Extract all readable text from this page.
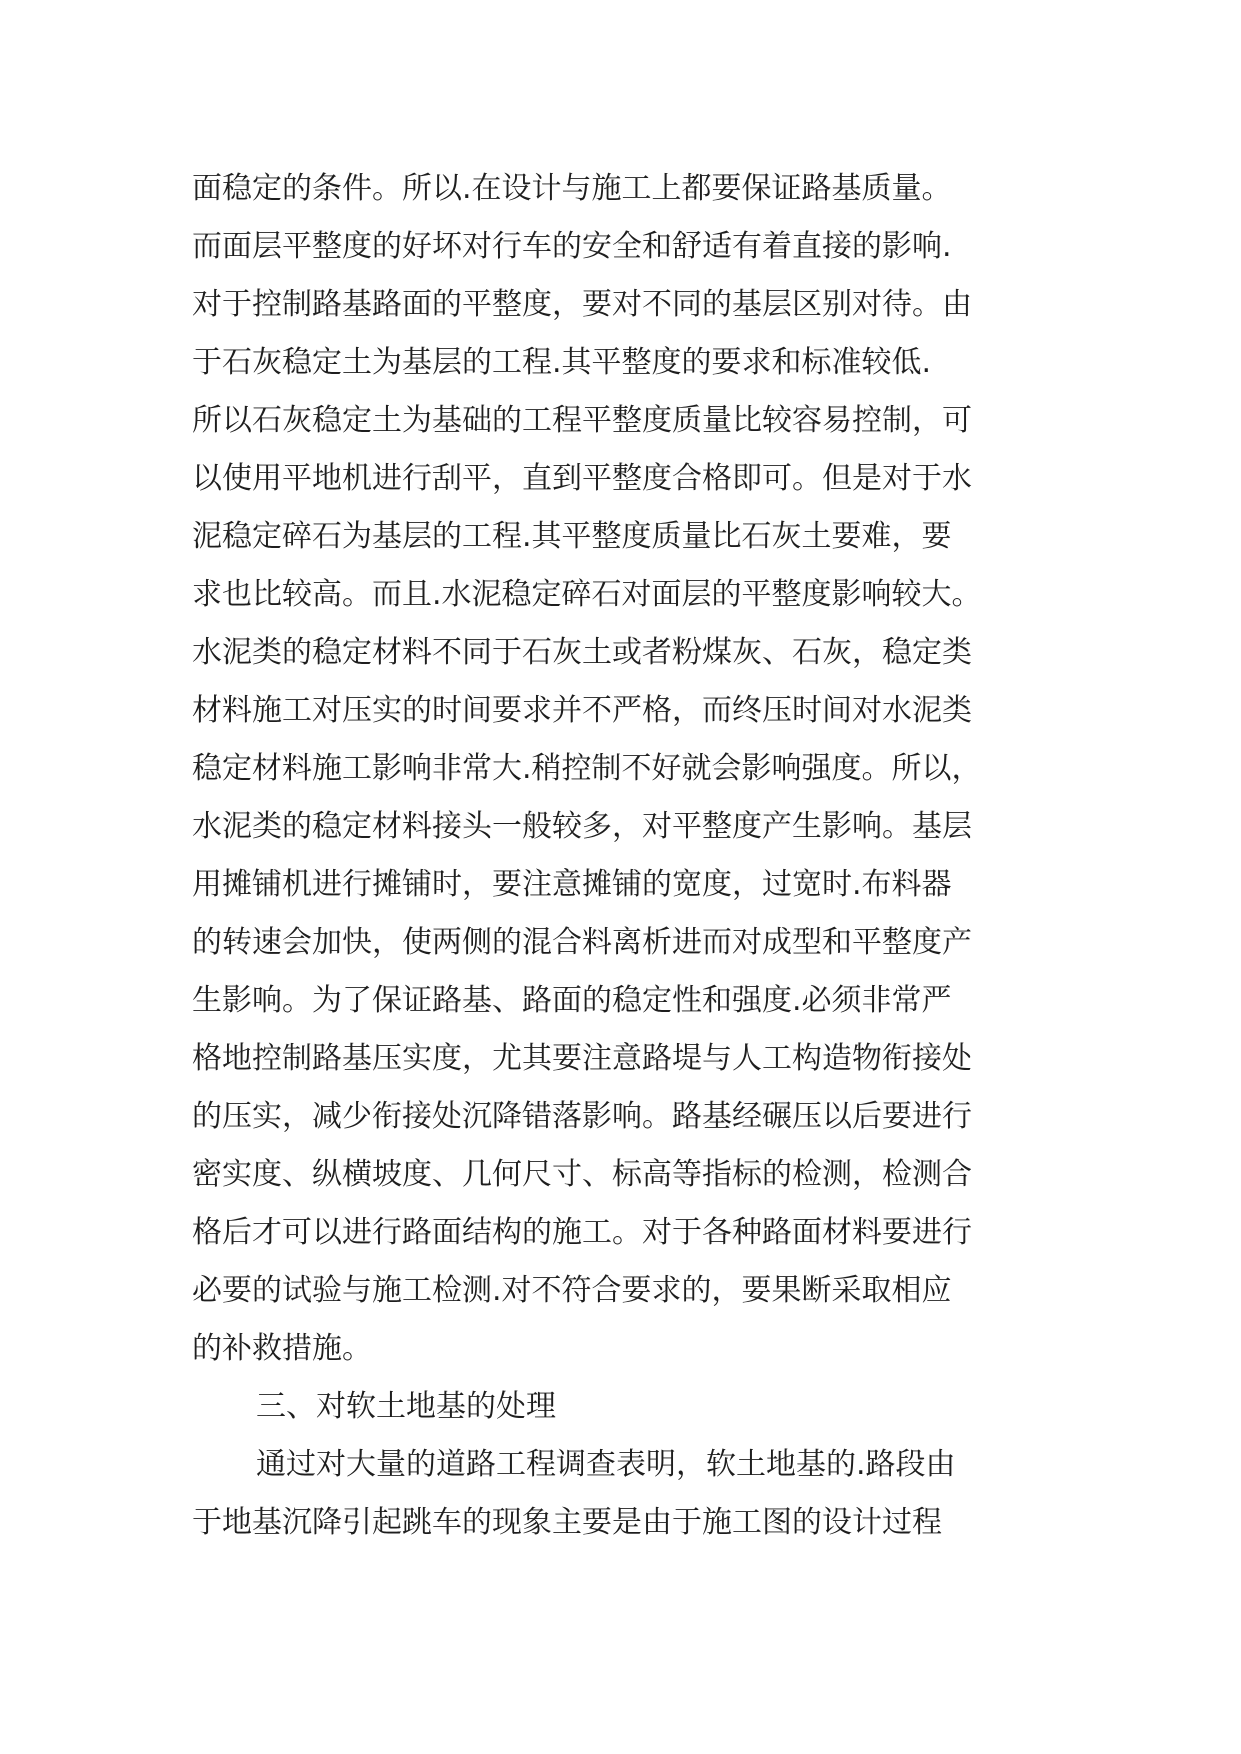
面稳定的条件。所以.在设计与施工上都要保证路基质量。
而面层平整度的好坏对行车的安全和舒适有着直接的影响.
对于控制路基路面的平整度，要对不同的基层区别对待。由
于石灰稳定土为基层的工程.其平整度的要求和标准较低.
所以石灰稳定土为基础的工程平整度质量比较容易控制，可
以使用平地机进行刮平，直到平整度合格即可。但是对于水
泥稳定碎石为基层的工程.其平整度质量比石灰土要难，要
求也比较高。而且.水泥稳定碎石对面层的平整度影响较大。
水泥类的稳定材料不同于石灰土或者粉煤灰、石灰，稳定类
材料施工对压实的时间要求并不严格，而终压时间对水泥类
稳定材料施工影响非常大.稍控制不好就会影响强度。所以，
水泥类的稳定材料接头一般较多，对平整度产生影响。基层
用摊铺机进行摊铺时，要注意摊铺的宽度，过宽时.布料器
的转速会加快，使两侧的混合料离析进而对成型和平整度产
生影响。为了保证路基、路面的稳定性和强度.必须非常严
格地控制路基压实度，尤其要注意路堤与人工构造物衔接处
的压实，减少衔接处沉降错落影响。路基经碾压以后要进行
密实度、纵横坡度、几何尺寸、标高等指标的检测，检测合
格后才可以进行路面结构的施工。对于各种路面材料要进行
必要的试验与施工检测.对不符合要求的，要果断采取相应
的补救措施。
三、对软土地基的处理
通过对大量的道路工程调查表明，软土地基的.路段由
于地基沉降引起跳车的现象主要是由于施工图的设计过程
